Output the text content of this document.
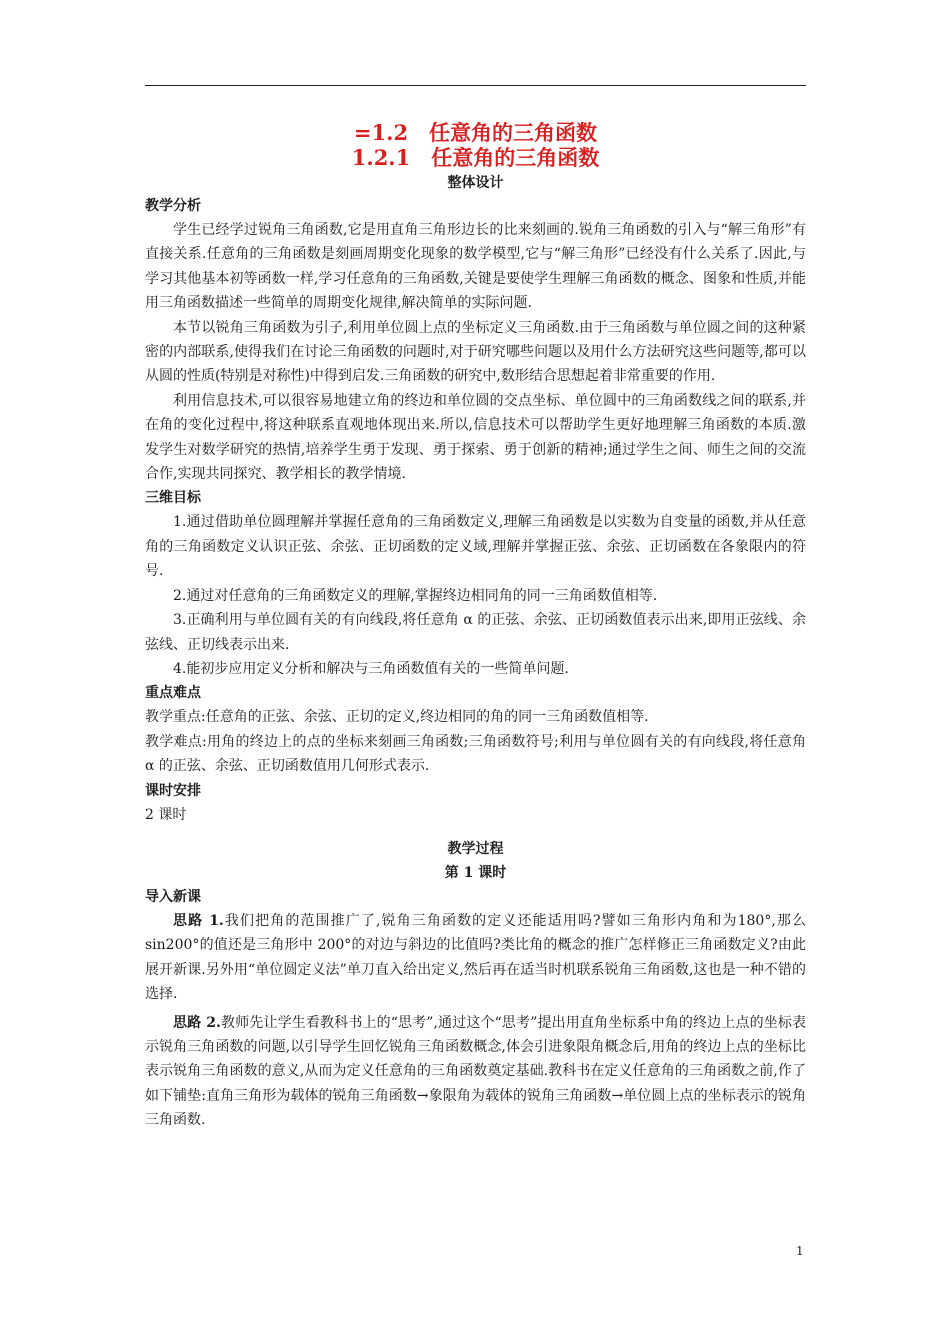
=1.2　任意角的三角函数
1.2.1　任意角的三角函数
整体设计
教学分析

学生已经学过锐角三角函数,它是用直角三角形边长的比来刻画的.锐角三角函数的引入与“解三角形”有直接关系.任意角的三角函数是刻画周期变化现象的数学模型,它与“解三角形”已经没有什么关系了.因此,与学习其他基本初等函数一样,学习任意角的三角函数,关键是要使学生理解三角函数的概念、图象和性质,并能用三角函数描述一些简单的周期变化规律,解决简单的实际问题.

本节以锐角三角函数为引子,利用单位圆上点的坐标定义三角函数.由于三角函数与单位圆之间的这种紧密的内部联系,使得我们在讨论三角函数的问题时,对于研究哪些问题以及用什么方法研究这些问题等,都可以从圆的性质(特别是对称性)中得到启发.三角函数的研究中,数形结合思想起着非常重要的作用.

利用信息技术,可以很容易地建立角的终边和单位圆的交点坐标、单位圆中的三角函数线之间的联系,并在角的变化过程中,将这种联系直观地体现出来.所以,信息技术可以帮助学生更好地理解三角函数的本质.激发学生对数学研究的热情,培养学生勇于发现、勇于探索、勇于创新的精神;通过学生之间、师生之间的交流合作,实现共同探究、教学相长的教学情境.

三维目标

1.通过借助单位圆理解并掌握任意角的三角函数定义,理解三角函数是以实数为自变量的函数,并从任意角的三角函数定义认识正弦、余弦、正切函数的定义域,理解并掌握正弦、余弦、正切函数在各象限内的符号.

2.通过对任意角的三角函数定义的理解,掌握终边相同角的同一三角函数值相等.

3.正确利用与单位圆有关的有向线段,将任意角 α 的正弦、余弦、正切函数值表示出来,即用正弦线、余弦线、正切线表示出来.

4.能初步应用定义分析和解决与三角函数值有关的一些简单问题.

重点难点

教学重点:任意角的正弦、余弦、正切的定义,终边相同的角的同一三角函数值相等.

教学难点:用角的终边上的点的坐标来刻画三角函数;三角函数符号;利用与单位圆有关的有向线段,将任意角 α 的正弦、余弦、正切函数值用几何形式表示.

课时安排

2 课时

教学过程
第 1 课时
导入新课

思路 1.我们把角的范围推广了,锐角三角函数的定义还能适用吗?譬如三角形内角和为180°,那么 sin200°的值还是三角形中 200°的对边与斜边的比值吗?类比角的概念的推广怎样修正三角函数定义?由此展开新课.另外用“单位圆定义法”单刀直入给出定义,然后再在适当时机联系锐角三角函数,这也是一种不错的选择.

思路 2.教师先让学生看教科书上的“思考”,通过这个“思考”提出用直角坐标系中角的终边上点的坐标表示锐角三角函数的问题,以引导学生回忆锐角三角函数概念,体会引进象限角概念后,用角的终边上点的坐标比表示锐角三角函数的意义,从而为定义任意角的三角函数奠定基础.教科书在定义任意角的三角函数之前,作了如下铺垫:直角三角形为载体的锐角三角函数→象限角为载体的锐角三角函数→单位圆上点的坐标表示的锐角三角函数.

1
